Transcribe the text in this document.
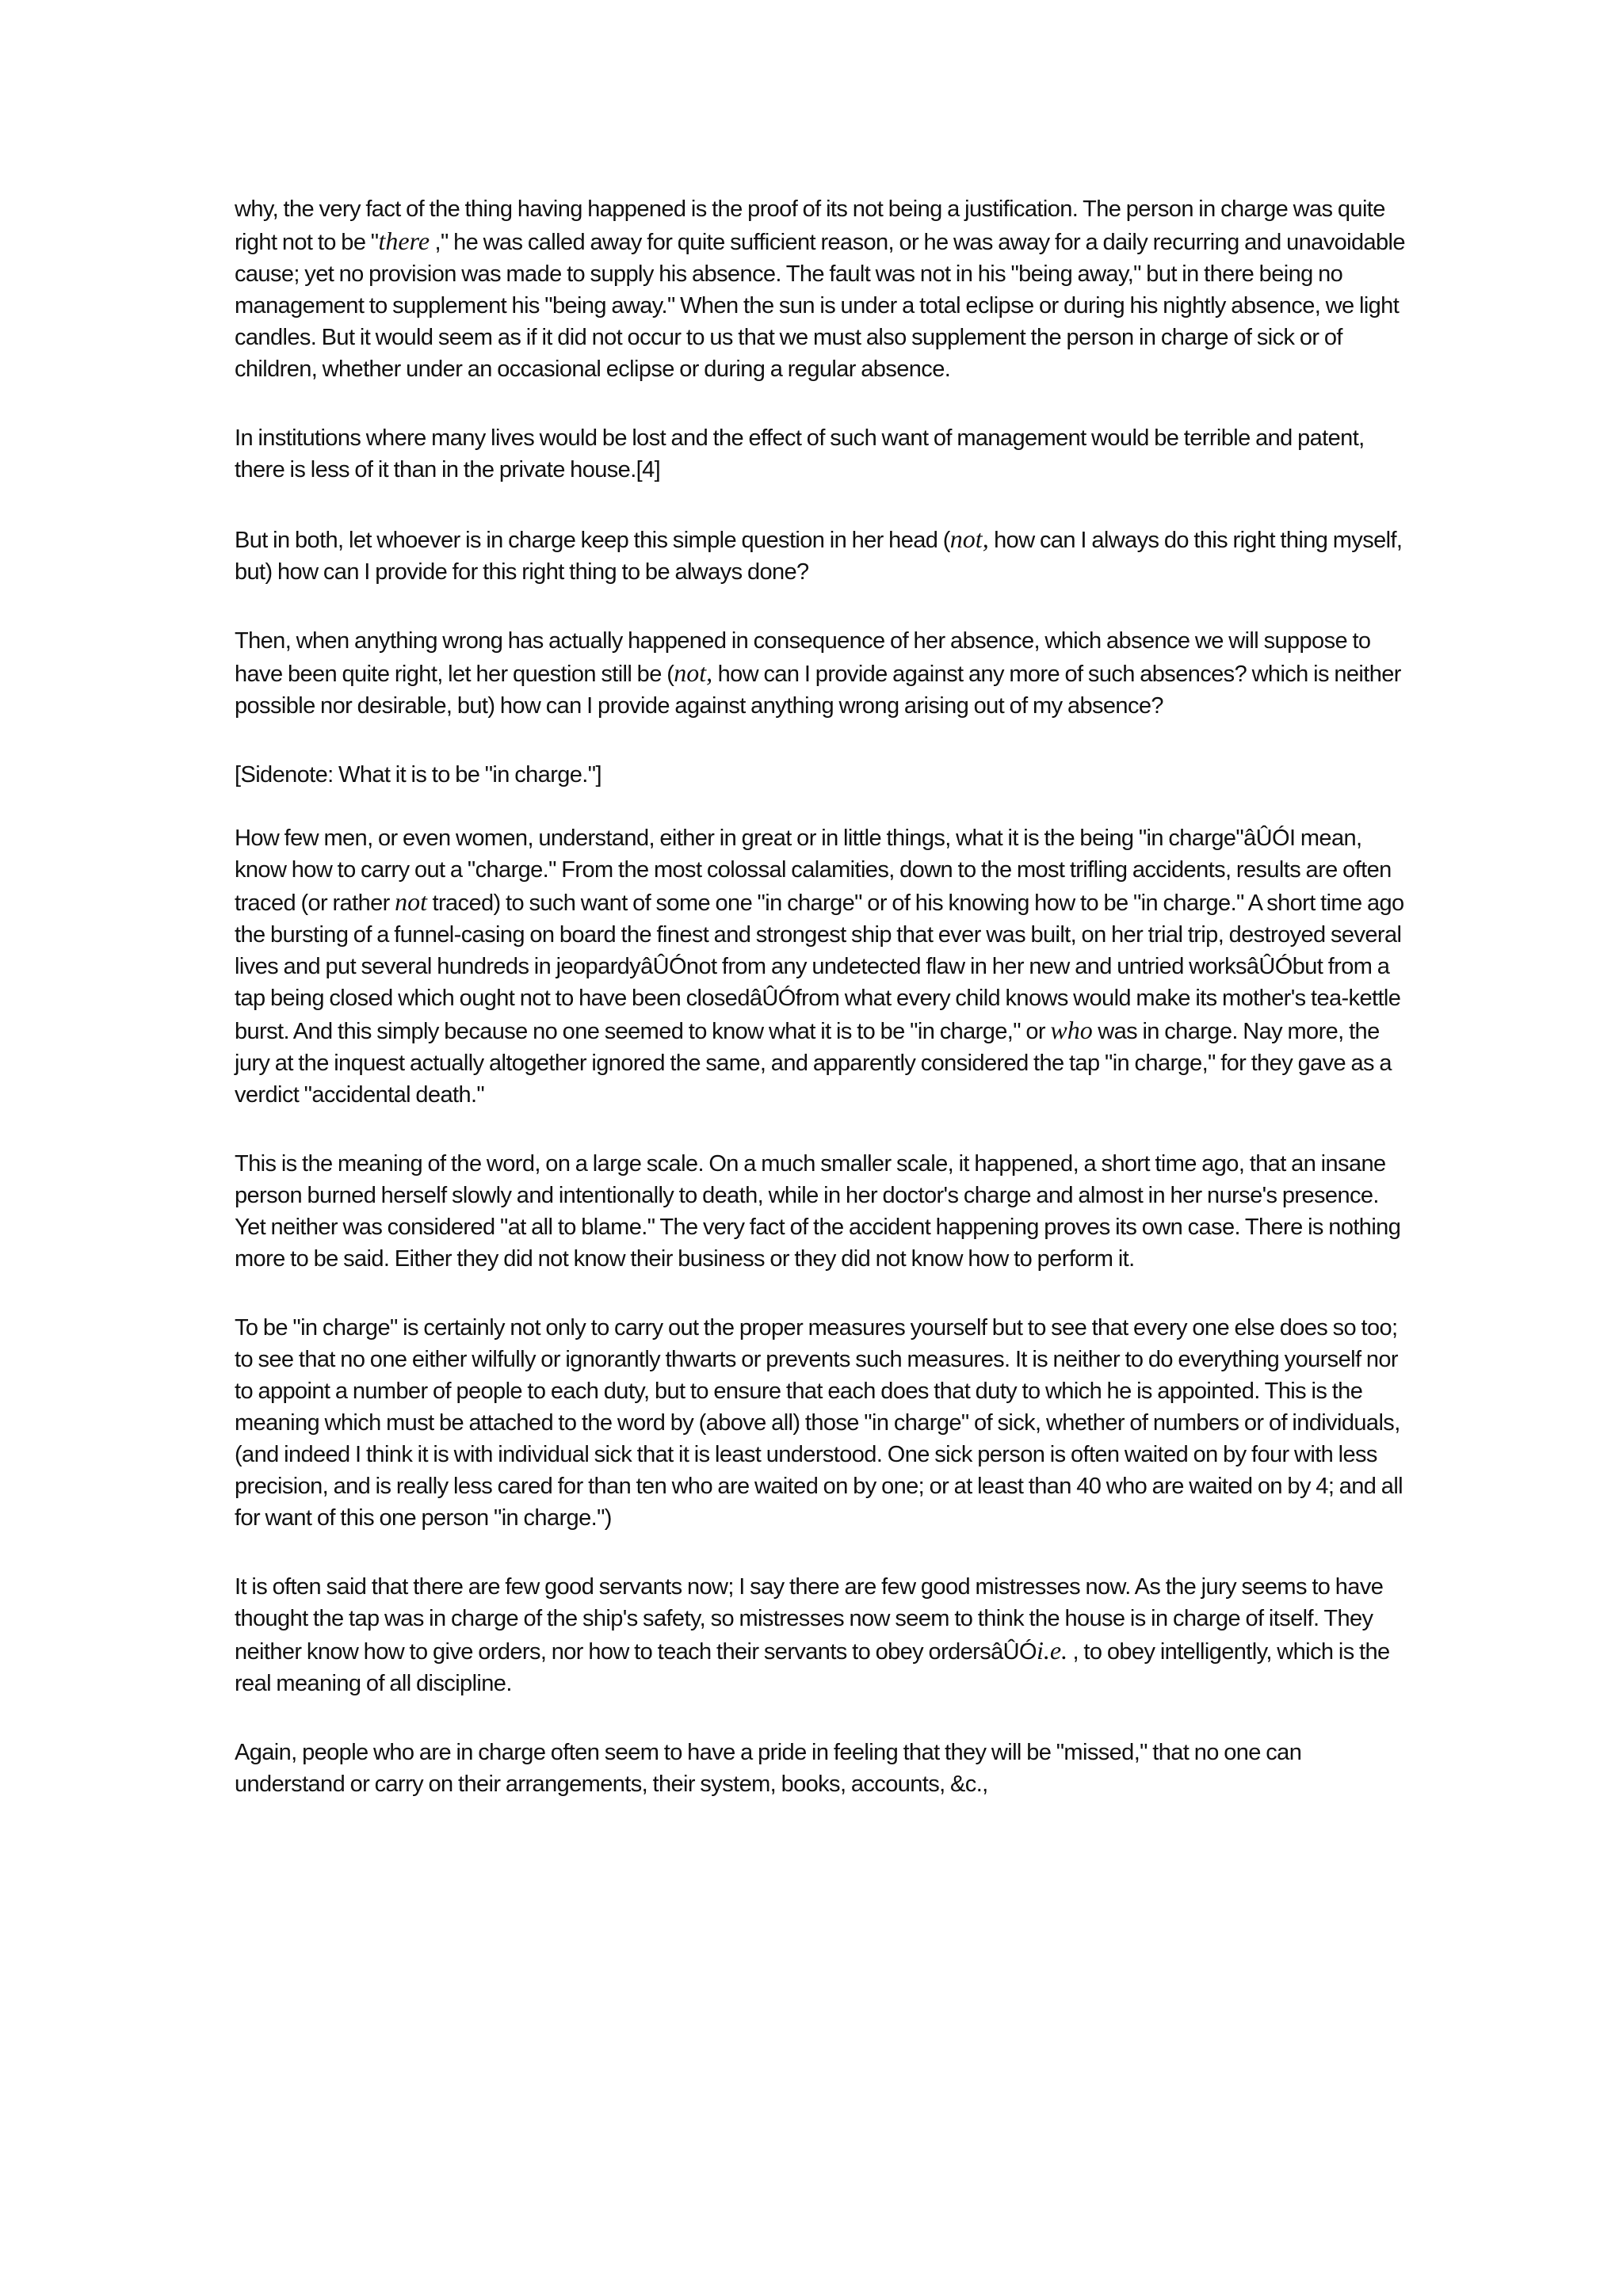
why, the very fact of the thing having happened is the proof of its not being a justification. The person in charge was quite right not to be "there ," he was called away for quite sufficient reason, or he was away for a daily recurring and unavoidable cause; yet no provision was made to supply his absence. The fault was not in his "being away," but in there being no management to supplement his "being away." When the sun is under a total eclipse or during his nightly absence, we light candles. But it would seem as if it did not occur to us that we must also supplement the person in charge of sick or of children, whether under an occasional eclipse or during a regular absence.

In institutions where many lives would be lost and the effect of such want of management would be terrible and patent, there is less of it than in the private house.[4]

But in both, let whoever is in charge keep this simple question in her head (not, how can I always do this right thing myself, but) how can I provide for this right thing to be always done?

Then, when anything wrong has actually happened in consequence of her absence, which absence we will suppose to have been quite right, let her question still be (not, how can I provide against any more of such absences? which is neither possible nor desirable, but) how can I provide against anything wrong arising out of my absence?

[Sidenote: What it is to be "in charge."]

How few men, or even women, understand, either in great or in little things, what it is the being "in charge"âÛÓI mean, know how to carry out a "charge." From the most colossal calamities, down to the most trifling accidents, results are often traced (or rather not traced) to such want of some one "in charge" or of his knowing how to be "in charge." A short time ago the bursting of a funnel-casing on board the finest and strongest ship that ever was built, on her trial trip, destroyed several lives and put several hundreds in jeopardyâÛÓnot from any undetected flaw in her new and untried worksâÛÓbut from a tap being closed which ought not to have been closedâÛÓfrom what every child knows would make its mother's tea-kettle burst. And this simply because no one seemed to know what it is to be "in charge," or who was in charge. Nay more, the jury at the inquest actually altogether ignored the same, and apparently considered the tap "in charge," for they gave as a verdict "accidental death."

This is the meaning of the word, on a large scale. On a much smaller scale, it happened, a short time ago, that an insane person burned herself slowly and intentionally to death, while in her doctor's charge and almost in her nurse's presence. Yet neither was considered "at all to blame." The very fact of the accident happening proves its own case. There is nothing more to be said. Either they did not know their business or they did not know how to perform it.

To be "in charge" is certainly not only to carry out the proper measures yourself but to see that every one else does so too; to see that no one either wilfully or ignorantly thwarts or prevents such measures. It is neither to do everything yourself nor to appoint a number of people to each duty, but to ensure that each does that duty to which he is appointed. This is the meaning which must be attached to the word by (above all) those "in charge" of sick, whether of numbers or of individuals, (and indeed I think it is with individual sick that it is least understood. One sick person is often waited on by four with less precision, and is really less cared for than ten who are waited on by one; or at least than 40 who are waited on by 4; and all for want of this one person "in charge.")

It is often said that there are few good servants now; I say there are few good mistresses now. As the jury seems to have thought the tap was in charge of the ship's safety, so mistresses now seem to think the house is in charge of itself. They neither know how to give orders, nor how to teach their servants to obey ordersâÛÓi.e. , to obey intelligently, which is the real meaning of all discipline.

Again, people who are in charge often seem to have a pride in feeling that they will be "missed," that no one can understand or carry on their arrangements, their system, books, accounts, &c.,
